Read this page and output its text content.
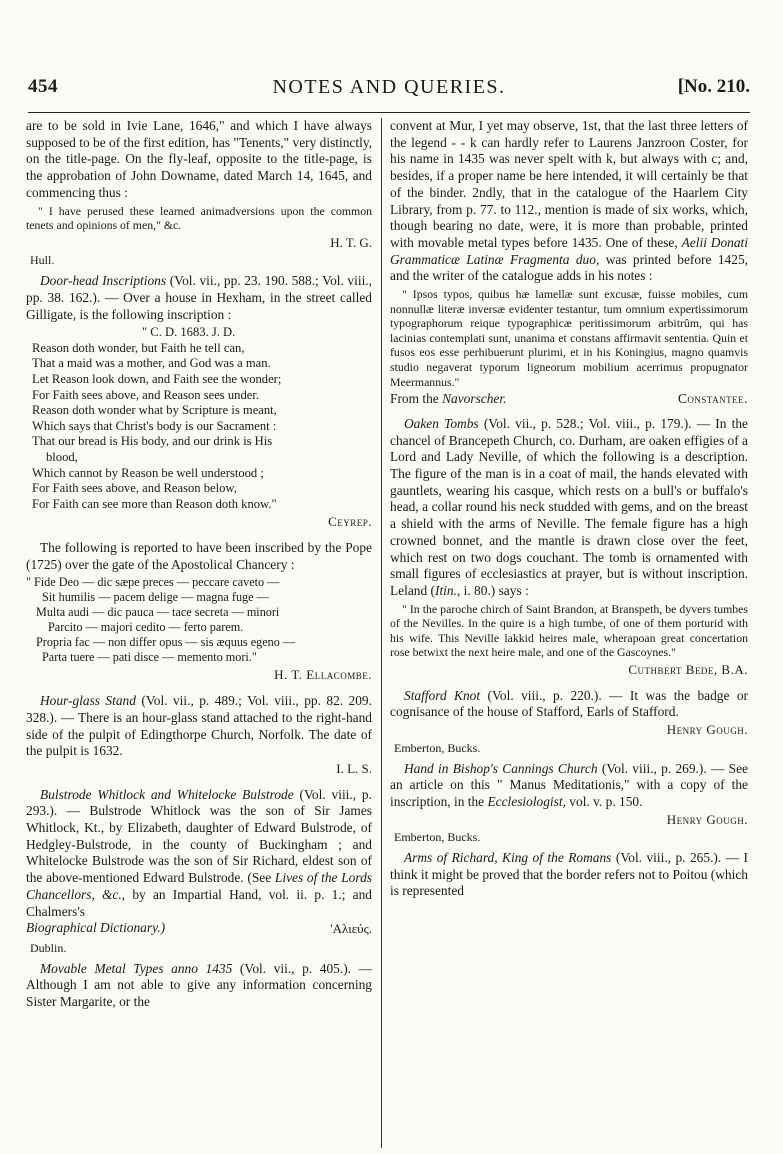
454	NOTES AND QUERIES.	[No. 210.

are to be sold in Ivie Lane, 1646," and which I have always supposed to be of the first edition, has "Tenents," very distinctly, on the title-page. On the fly-leaf, opposite to the title-page, is the approbation of John Downame, dated March 14, 1645, and commencing thus :

" I have perused these learned animadversions upon the common tenets and opinions of men," &c.

H. T. G.

Hull.

Door-head Inscriptions (Vol. vii., pp. 23. 190. 588.; Vol. viii., pp. 38. 162.). — Over a house in Hexham, in the street called Gilligate, is the following inscription :

" C. D. 1683. J. D.
Reason doth wonder, but Faith he tell can,
That a maid was a mother, and God was a man.
Let Reason look down, and Faith see the wonder;
For Faith sees above, and Reason sees under.
Reason doth wonder what by Scripture is meant,
Which says that Christ's body is our Sacrament :
That our bread is His body, and our drink is His
blood,
Which cannot by Reason be well understood ;
For Faith sees above, and Reason below,
For Faith can see more than Reason doth know."

Ceyrep.

The following is reported to have been inscribed by the Pope (1725) over the gate of the Apostolical Chancery :

" Fide Deo — dic sæpe preces — peccare caveto —
Sit humilis — pacem delige — magna fuge —
Multa audi — dic pauca — tace secreta — minori
Parcito — majori cedito — ferto parem.
Propria fac — non differ opus — sis æquus egeno —
Parta tuere — pati disce — memento mori."

H. T. Ellacombe.

Hour-glass Stand (Vol. vii., p. 489.; Vol. viii., pp. 82. 209. 328.). — There is an hour-glass stand attached to the right-hand side of the pulpit of Edingthorpe Church, Norfolk. The date of the pulpit is 1632.

I. L. S.

Bulstrode Whitlock and Whitelocke Bulstrode (Vol. viii., p. 293.). — Bulstrode Whitlock was the son of Sir James Whitlock, Kt., by Elizabeth, daughter of Edward Bulstrode, of Hedgley-Bulstrode, in the county of Buckingham ; and Whitelocke Bulstrode was the son of Sir Richard, eldest son of the above-mentioned Edward Bulstrode. (See Lives of the Lords Chancellors, &c., by an Impartial Hand, vol. ii. p. 1.; and Chalmers's

Biographical Dictionary.)	'Αλιεύς.

Dublin.

Movable Metal Types anno 1435 (Vol. vii., p. 405.). — Although I am not able to give any information concerning Sister Margarite, or the

convent at Mur, I yet may observe, 1st, that the last three letters of the legend - - k can hardly refer to Laurens Janzroon Coster, for his name in 1435 was never spelt with k, but always with c; and, besides, if a proper name be here intended, it will certainly be that of the binder. 2ndly, that in the catalogue of the Haarlem City Library, from p. 77. to 112., mention is made of six works, which, though bearing no date, were, it is more than probable, printed with movable metal types before 1435. One of these, Aelii Donati Grammaticæ Latinæ Fragmenta duo, was printed before 1425, and the writer of the catalogue adds in his notes :

" Ipsos typos, quibus hæ lamellæ sunt excusæ, fuisse mobiles, cum nonnullæ literæ inversæ evidenter testantur, tum omnium expertissimorum typographorum reique typographicæ peritissimorum arbitrûm, qui has lacinias contemplati sunt, unanima et constans affirmavit sententia. Quin et fusos eos esse perhibuerunt plurimi, et in his Koningius, magno quamvis studio negaverat typorum ligneorum mobilium acerrimus propugnator Meermannus."

From the Navorscher.	Constantee.

Oaken Tombs (Vol. vii., p. 528.; Vol. viii., p. 179.). — In the chancel of Brancepeth Church, co. Durham, are oaken effigies of a Lord and Lady Neville, of which the following is a description. The figure of the man is in a coat of mail, the hands elevated with gauntlets, wearing his casque, which rests on a bull's or buffalo's head, a collar round his neck studded with gems, and on the breast a shield with the arms of Neville. The female figure has a high crowned bonnet, and the mantle is drawn close over the feet, which rest on two dogs couchant. The tomb is ornamented with small figures of ecclesiastics at prayer, but is without inscription. Leland (Itin., i. 80.) says :

" In the paroche chirch of Saint Brandon, at Branspeth, be dyvers tumbes of the Nevilles. In the quire is a high tumbe, of one of them porturid with his wife. This Neville lakkid heires male, wherapoan great concertation rose betwixt the next heire male, and one of the Gascoynes."

Cuthbert Bede, B.A.

Stafford Knot (Vol. viii., p. 220.). — It was the badge or cognisance of the house of Stafford, Earls of Stafford.

Henry Gough.

Emberton, Bucks.

Hand in Bishop's Cannings Church (Vol. viii., p. 269.). — See an article on this " Manus Meditationis," with a copy of the inscription, in the Ecclesiologist, vol. v. p. 150.

Henry Gough.

Emberton, Bucks.

Arms of Richard, King of the Romans (Vol. viii., p. 265.). — I think it might be proved that the border refers not to Poitou (which is represented
